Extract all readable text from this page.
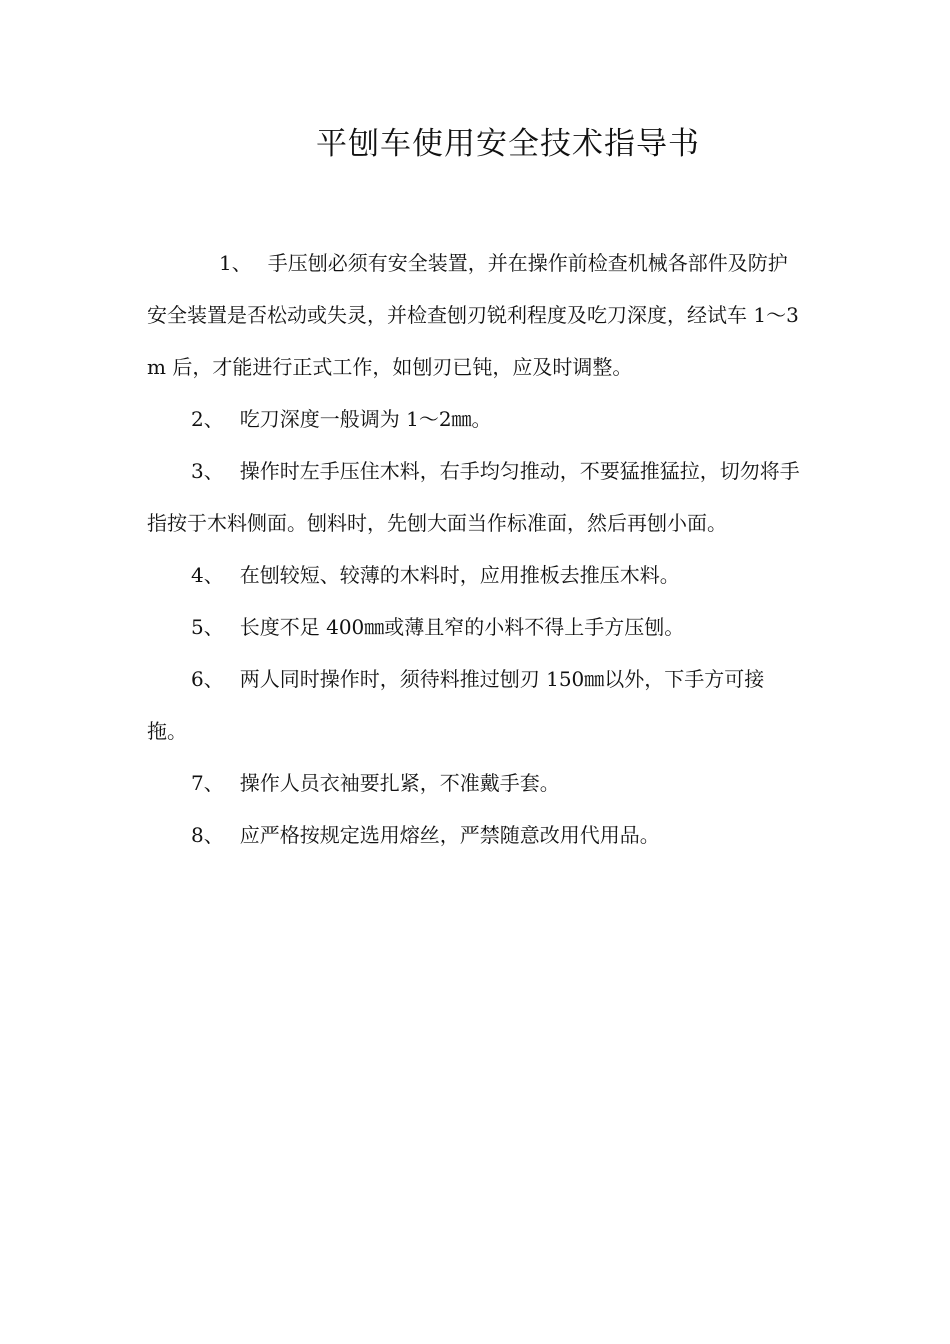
平刨车使用安全技术指导书

1、 手压刨必须有安全装置，并在操作前检查机械各部件及防护安全装置是否松动或失灵，并检查刨刃锐利程度及吃刀深度，经试车 1～3 m 后，才能进行正式工作，如刨刃已钝，应及时调整。

2、 吃刀深度一般调为 1～2㎜。

3、 操作时左手压住木料，右手均匀推动，不要猛推猛拉，切勿将手指按于木料侧面。刨料时，先刨大面当作标准面，然后再刨小面。

4、 在刨较短、较薄的木料时，应用推板去推压木料。

5、 长度不足 400㎜或薄且窄的小料不得上手方压刨。

6、 两人同时操作时，须待料推过刨刃 150㎜以外，下手方可接拖。

7、 操作人员衣袖要扎紧，不准戴手套。

8、 应严格按规定选用熔丝，严禁随意改用代用品。
